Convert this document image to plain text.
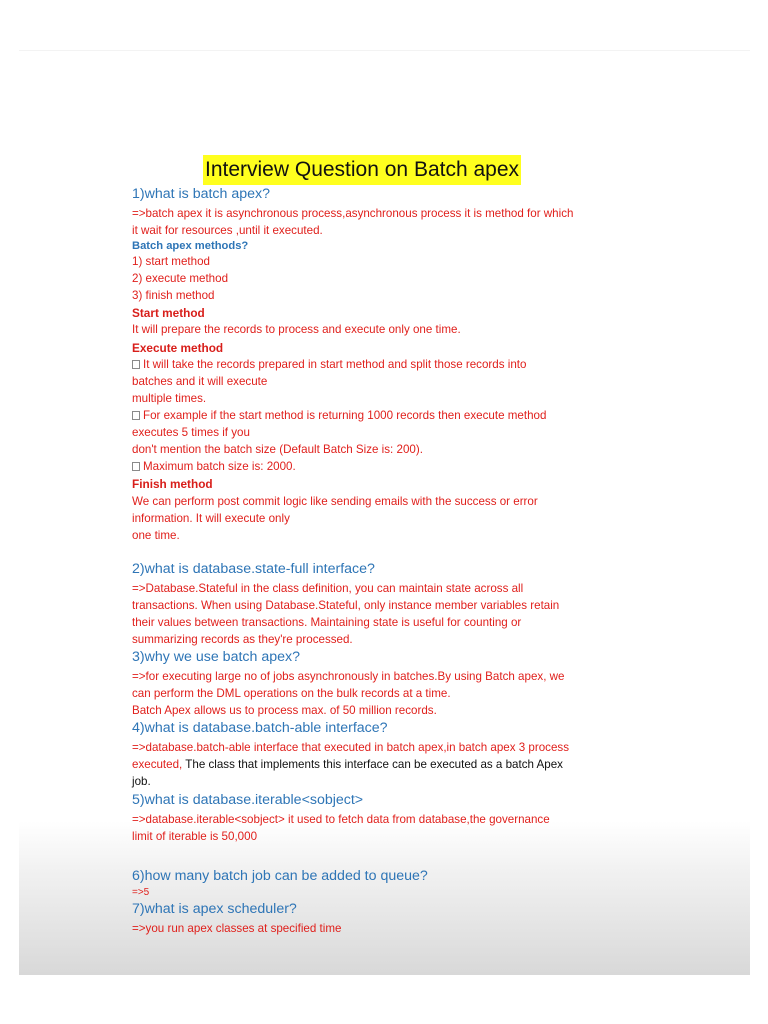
Interview Question on Batch apex
1)what is batch apex?
=>batch apex it is asynchronous process,asynchronous process it is method for which
it wait for resources ,until it executed.
Batch apex methods?
1) start method
2) execute method
3) finish method
Start method
It will prepare the records to process and execute only one time.
Execute method
It will take the records prepared in start method and split those records into
batches and it will execute
multiple times.
For example if the start method is returning 1000 records then execute method
executes 5 times if you
don't mention the batch size (Default Batch Size is: 200).
Maximum batch size is: 2000.
Finish method
We can perform post commit logic like sending emails with the success or error
information. It will execute only
one time.
2)what is database.state-full interface?
=>Database.Stateful in the class definition, you can maintain state across all
transactions. When using Database.Stateful, only instance member variables retain
their values between transactions. Maintaining state is useful for counting or
summarizing records as they're processed.
3)why we use batch apex?
=>for executing large no of jobs asynchronously in batches.By using Batch apex, we
can perform the DML operations on the bulk records at a time.
Batch Apex allows us to process max. of 50 million records.
4)what is database.batch-able interface?
=>database.batch-able interface that executed in batch apex,in batch apex 3 process
executed, The class that implements this interface can be executed as a batch Apex
job.
5)what is database.iterable<sobject>
=>database.iterable<sobject> it used to fetch data from database,the governance
limit of iterable is 50,000
6)how many batch job can be added to queue?
=>5
7)what is apex scheduler?
=>you run apex classes at specified time
